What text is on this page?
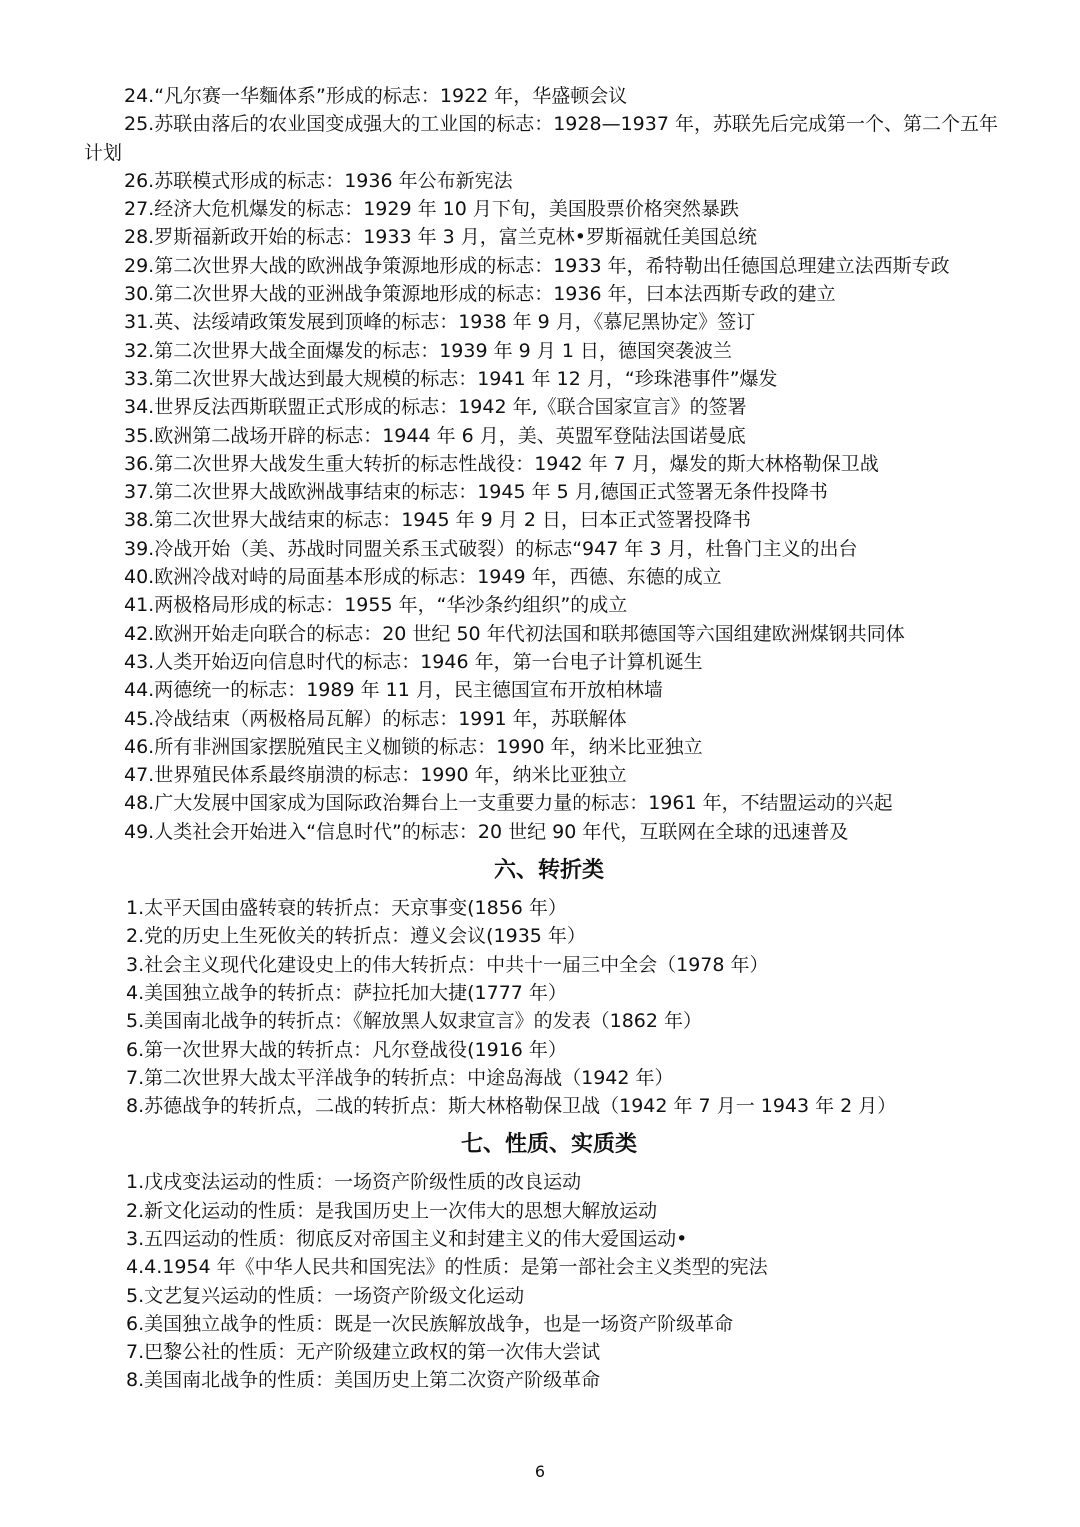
24.“凡尔赛一华麵体系”形成的标志：1922 年，华盛顿会议
25.苏联由落后的农业国变成强大的工业国的标志：1928—1937 年，苏联先后完成第一个、第二个五年计划
26.苏联模式形成的标志：1936 年公布新宪法
27.经济大危机爆发的标志：1929 年 10 月下旬，美国股票价格突然暴跌
28.罗斯福新政开始的标志：1933 年 3 月，富兰克林•罗斯福就任美国总统
29.第二次世界大战的欧洲战争策源地形成的标志：1933 年，希特勒出任德国总理建立法西斯专政
30.第二次世界大战的亚洲战争策源地形成的标志：1936 年，曰本法西斯专政的建立
31.英、法绥靖政策发展到顶峰的标志：1938 年 9 月，《慕尼黑协定》签订
32.第二次世界大战全面爆发的标志：1939 年 9 月 1 日，德国突袭波兰
33.第二次世界大战达到最大规模的标志：1941 年 12 月，“珍珠港事件”爆发
34.世界反法西斯联盟正式形成的标志：1942 年,《联合国家宣言》的签署
35.欧洲第二战场开辟的标志：1944 年 6 月，美、英盟军登陆法国诺曼底
36.第二次世界大战发生重大转折的标志性战役：1942 年 7 月，爆发的斯大林格勒保卫战
37.第二次世界大战欧洲战事结束的标志：1945 年 5 月,德国正式签署无条件投降书
38.第二次世界大战结束的标志：1945 年 9 月 2 日，曰本正式签署投降书
39.冷战开始（美、苏战时同盟关系玉式破裂）的标志“947 年 3 月，杜鲁门主义的出台
40.欧洲冷战对峙的局面基本形成的标志：1949 年，西德、东德的成立
41.两极格局形成的标志：1955 年，“华沙条约组织”的成立
42.欧洲开始走向联合的标志：20 世纪 50 年代初法国和联邦德国等六国组建欧洲煤钢共同体
43.人类开始迈向信息时代的标志：1946 年，第一台电子计算机诞生
44.两德统一的标志：1989 年 11 月，民主德国宣布开放柏林墙
45.冷战结束（两极格局瓦解）的标志：1991 年，苏联解体
46.所有非洲国家摆脱殖民主义枷锁的标志：1990 年，纳米比亚独立
47.世界殖民体系最终崩溃的标志：1990 年，纳米比亚独立
48.广大发展中国家成为国际政治舞台上一支重要力量的标志：1961 年，不结盟运动的兴起
49.人类社会开始进入“信息时代”的标志：20 世纪 90 年代，互联网在全球的迅速普及
六、转折类
1.太平天国由盛转衰的转折点：天京事变(1856 年）
2.党的历史上生死攸关的转折点：遵义会议(1935 年）
3.社会主义现代化建设史上的伟大转折点：中共十一届三中全会（1978 年）
4.美国独立战争的转折点：萨拉托加大捷(1777 年）
5.美国南北战争的转折点：《解放黑人奴隶宣言》的发表（1862 年）
6.第一次世界大战的转折点：凡尔登战役(1916 年）
7.第二次世界大战太平洋战争的转折点：中途岛海战（1942 年）
8.苏德战争的转折点，二战的转折点：斯大林格勒保卫战（1942 年 7 月一 1943 年 2 月）
七、性质、实质类
1.戊戌变法运动的性质：一场资产阶级性质的改良运动
2.新文化运动的性质：是我国历史上一次伟大的思想大解放运动
3.五四运动的性质：彻底反对帝国主义和封建主义的伟大爱国运动•
4.4.1954 年《中华人民共和国宪法》的性质：是第一部社会主义类型的宪法
5.文艺复兴运动的性质：一场资产阶级文化运动
6.美国独立战争的性质：既是一次民族解放战争，也是一场资产阶级革命
7.巴黎公社的性质：无产阶级建立政权的第一次伟大尝试
8.美国南北战争的性质：美国历史上第二次资产阶级革命
6
